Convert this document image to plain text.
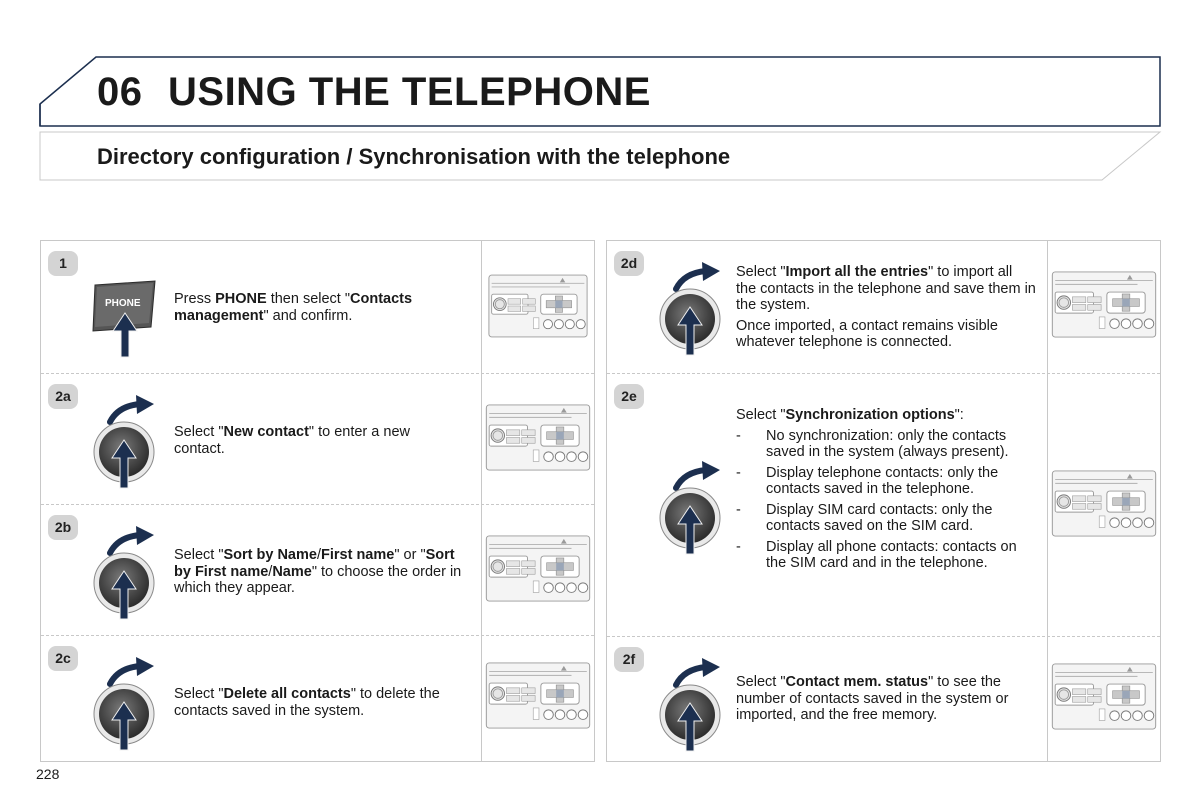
06 USING THE TELEPHONE
Directory configuration / Synchronisation with the telephone
1
PHONE Press PHONE then select "Contacts management" and confirm.
2a
Select "New contact" to enter a new contact.
2b
Select "Sort by Name/First name" or "Sort by First name/Name" to choose the order in which they appear.
2c
Select "Delete all contacts" to delete the contacts saved in the system.
2d

Select "Import all the entries" to import all the contacts in the telephone and save them in the system.

Once imported, a contact remains visible whatever telephone is connected.

2e
Select "Synchronization options":
- No synchronization: only the contacts saved in the system (always present).
- Display telephone contacts: only the contacts saved in the telephone.
- Display SIM card contacts: only the contacts saved on the SIM card.
- Display all phone contacts: contacts on the SIM card and in the telephone.
2f
Select "Contact mem. status" to see the number of contacts saved in the system or imported, and the free memory.
228
